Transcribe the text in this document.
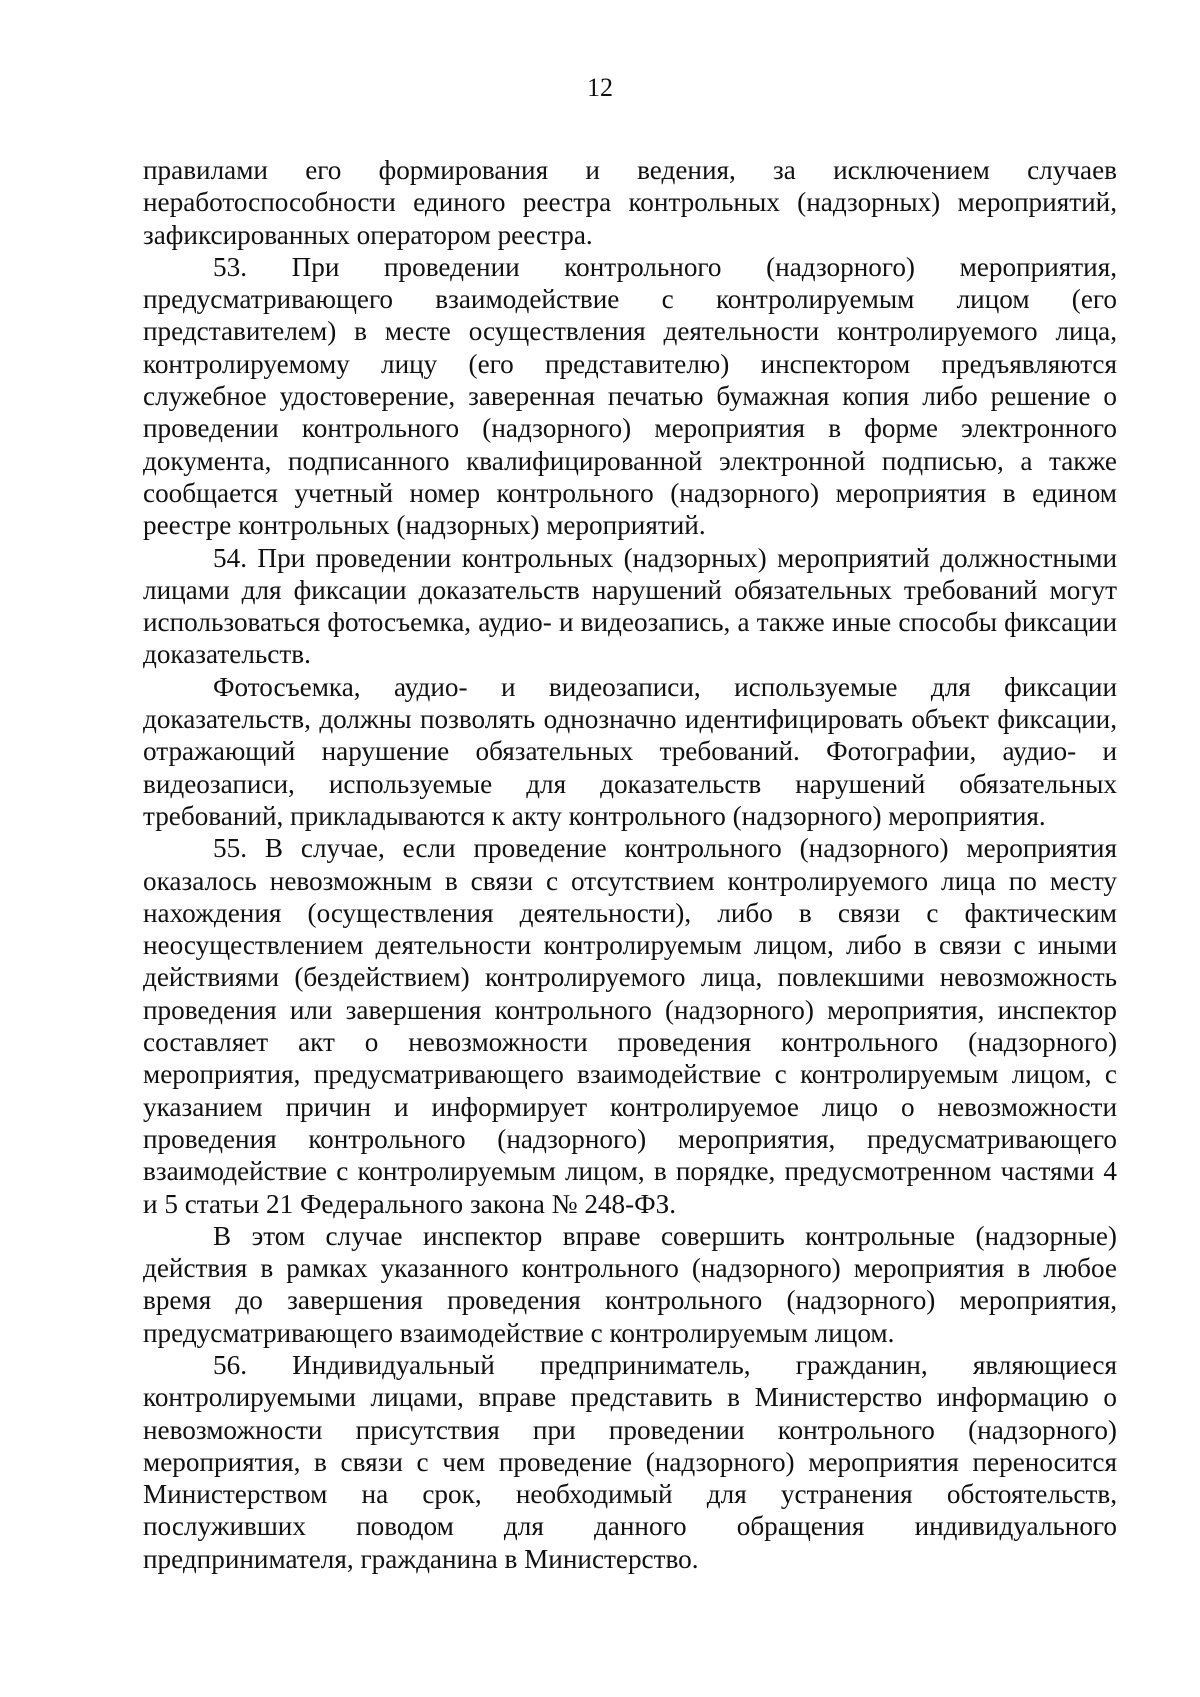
12

правилами его формирования и ведения, за исключением случаев неработоспособности единого реестра контрольных (надзорных) мероприятий, зафиксированных оператором реестра.

53. При проведении контрольного (надзорного) мероприятия, предусматривающего взаимодействие с контролируемым лицом (его представителем) в месте осуществления деятельности контролируемого лица, контролируемому лицу (его представителю) инспектором предъявляются служебное удостоверение, заверенная печатью бумажная копия либо решение о проведении контрольного (надзорного) мероприятия в форме электронного документа, подписанного квалифицированной электронной подписью, а также сообщается учетный номер контрольного (надзорного) мероприятия в едином реестре контрольных (надзорных) мероприятий.

54. При проведении контрольных (надзорных) мероприятий должностными лицами для фиксации доказательств нарушений обязательных требований могут использоваться фотосъемка, аудио- и видеозапись, а также иные способы фиксации доказательств.

Фотосъемка, аудио- и видеозаписи, используемые для фиксации доказательств, должны позволять однозначно идентифицировать объект фиксации, отражающий нарушение обязательных требований. Фотографии, аудио- и видеозаписи, используемые для доказательств нарушений обязательных требований, прикладываются к акту контрольного (надзорного) мероприятия.

55. В случае, если проведение контрольного (надзорного) мероприятия оказалось невозможным в связи с отсутствием контролируемого лица по месту нахождения (осуществления деятельности), либо в связи с фактическим неосуществлением деятельности контролируемым лицом, либо в связи с иными действиями (бездействием) контролируемого лица, повлекшими невозможность проведения или завершения контрольного (надзорного) мероприятия, инспектор составляет акт о невозможности проведения контрольного (надзорного) мероприятия, предусматривающего взаимодействие с контролируемым лицом, с указанием причин и информирует контролируемое лицо о невозможности проведения контрольного (надзорного) мероприятия, предусматривающего взаимодействие с контролируемым лицом, в порядке, предусмотренном частями 4 и 5 статьи 21 Федерального закона № 248-ФЗ.

В этом случае инспектор вправе совершить контрольные (надзорные) действия в рамках указанного контрольного (надзорного) мероприятия в любое время до завершения проведения контрольного (надзорного) мероприятия, предусматривающего взаимодействие с контролируемым лицом.

56. Индивидуальный предприниматель, гражданин, являющиеся контролируемыми лицами, вправе представить в Министерство информацию о невозможности присутствия при проведении контрольного (надзорного) мероприятия, в связи с чем проведение (надзорного) мероприятия переносится Министерством на срок, необходимый для устранения обстоятельств, послуживших поводом для данного обращения индивидуального предпринимателя, гражданина в Министерство.
